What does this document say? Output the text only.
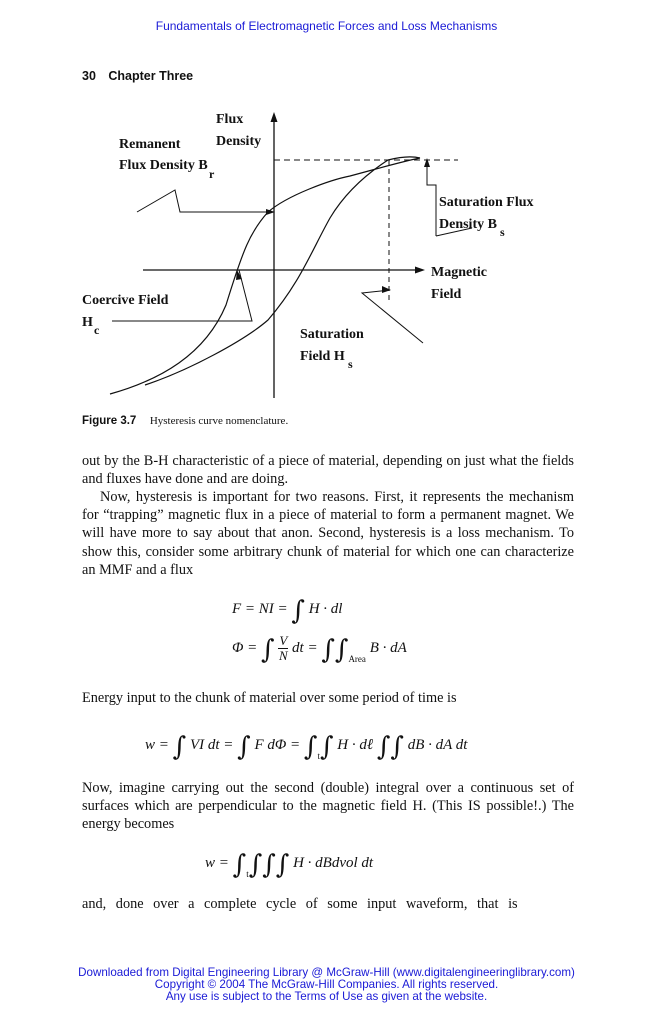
Fundamentals of Electromagnetic Forces and Loss Mechanisms
30 Chapter Three
Flux
Density
Remanent
Flux Density B
r
Saturation Flux
Density B s
Magnetic
Field
Coercive Field
H c	Saturation
Field H s
Figure 3.7 Hysteresis curve nomenclature.
out by the B-H characteristic of a piece of material, depending on just what the fields and fluxes have done and are doing.
Now, hysteresis is important for two reasons. First, it represents the mechanism for “trapping” magnetic flux in a piece of material to form a permanent magnet. We will have more to say about that anon. Second, hysteresis is a loss mechanism. To show this, consider some arbitrary chunk of material for which one can characterize an MMF and a flux
F = NI = ∫ H · dl
Φ = ∫ $\frac{V}{N}$ dt = $\int\int_{Area}$ B · dA
Energy input to the chunk of material over some period of time is
w = ∫ VI dt = ∫ F $d\Phi = \int_t\int$ H · dℓ ∫∫ dB · dA dt
Now, imagine carrying out the second (double) integral over a continuous set of surfaces which are perpendicular to the magnetic field H. (This IS possible!.) The energy becomes
$w = \int_t\int\int\int$ H · dBdvol dt
and, done over a complete cycle of some input waveform, that is
Downloaded from Digital Engineering Library @ McGraw-Hill (www.digitalengineeringlibrary.com)
Copyright © 2004 The McGraw-Hill Companies. All rights reserved.
Any use is subject to the Terms of Use as given at the website.
